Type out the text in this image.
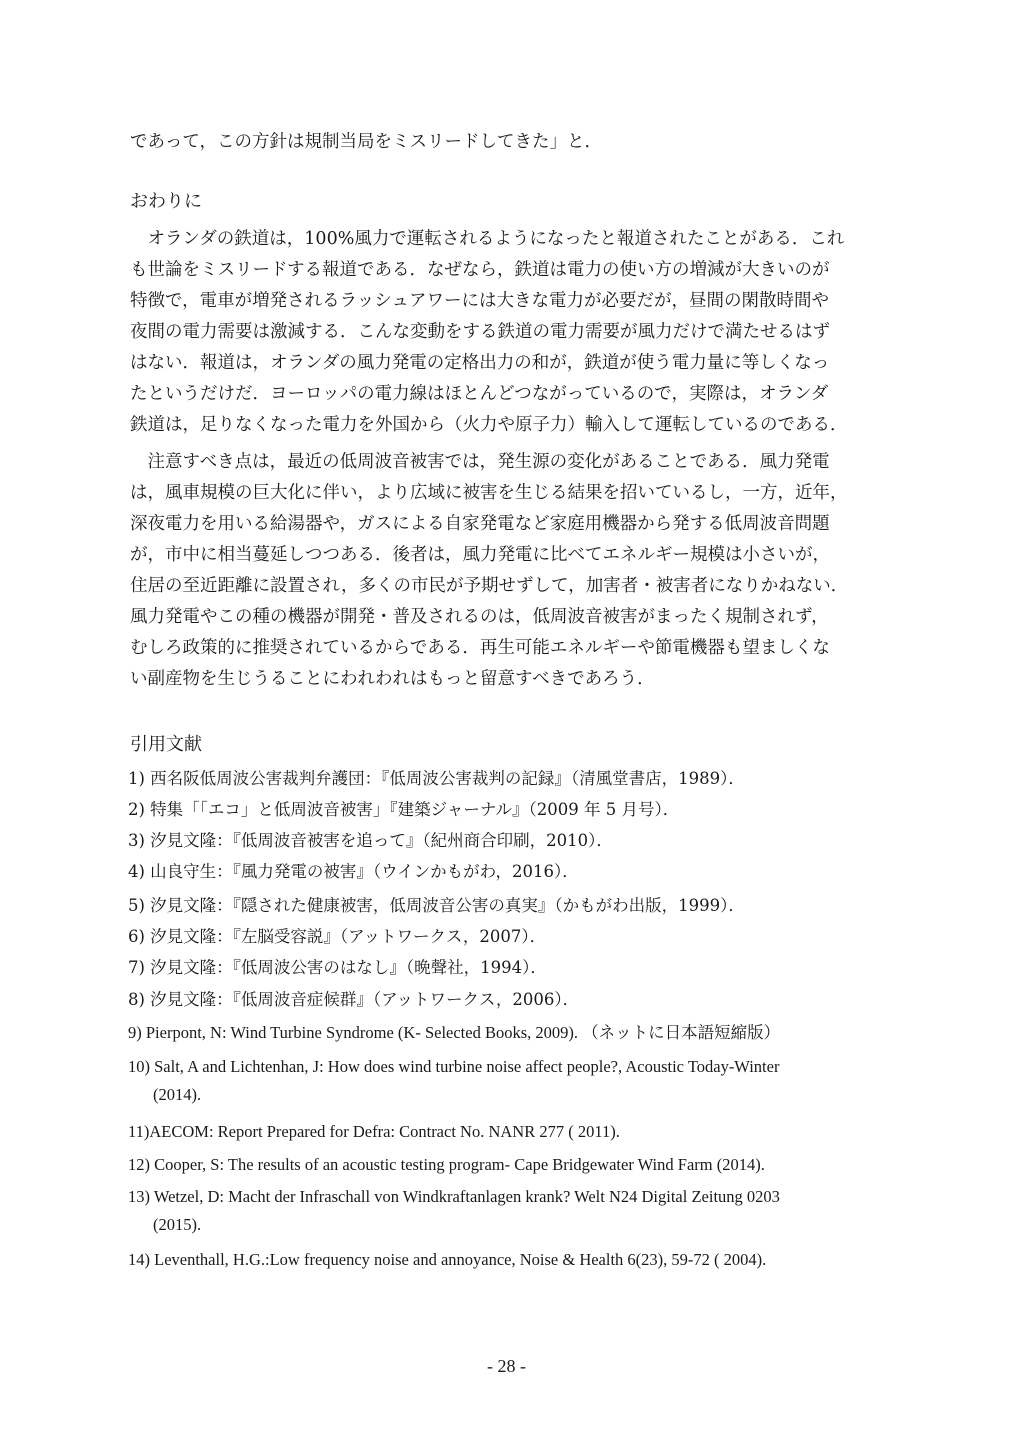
であって，この方針は規制当局をミスリードしてきた」と．
おわりに
　オランダの鉄道は，100%風力で運転されるようになったと報道されたことがある．これ
も世論をミスリードする報道である．なぜなら，鉄道は電力の使い方の増減が大きいのが
特徴で，電車が増発されるラッシュアワーには大きな電力が必要だが，昼間の閑散時間や
夜間の電力需要は激減する．こんな変動をする鉄道の電力需要が風力だけで満たせるはず
はない．報道は，オランダの風力発電の定格出力の和が，鉄道が使う電力量に等しくなっ
たというだけだ．ヨーロッパの電力線はほとんどつながっているので，実際は，オランダ
鉄道は，足りなくなった電力を外国から（火力や原子力）輸入して運転しているのである．
　注意すべき点は，最近の低周波音被害では，発生源の変化があることである．風力発電
は，風車規模の巨大化に伴い，より広域に被害を生じる結果を招いているし，一方，近年，
深夜電力を用いる給湯器や，ガスによる自家発電など家庭用機器から発する低周波音問題
が，市中に相当蔓延しつつある．後者は，風力発電に比べてエネルギー規模は小さいが，
住居の至近距離に設置され，多くの市民が予期せずして，加害者・被害者になりかねない．
風力発電やこの種の機器が開発・普及されるのは，低周波音被害がまったく規制されず，
むしろ政策的に推奨されているからである．再生可能エネルギーや節電機器も望ましくな
い副産物を生じうることにわれわれはもっと留意すべきであろう．
引用文献
1) 西名阪低周波公害裁判弁護団：『低周波公害裁判の記録』（清風堂書店，1989）．
2) 特集「「エコ」と低周波音被害」『建築ジャーナル』（2009 年 5 月号）．
3) 汐見文隆：『低周波音被害を追って』（紀州商合印刷，2010）．
4) 山良守生：『風力発電の被害』（ウインかもがわ，2016）．
5) 汐見文隆：『隠された健康被害，低周波音公害の真実』（かもがわ出版，1999）．
6) 汐見文隆：『左脳受容説』（アットワークス，2007）．
7) 汐見文隆：『低周波公害のはなし』（晩聲社，1994）．
8) 汐見文隆：『低周波音症候群』（アットワークス，2006）．
9) Pierpont, N: Wind Turbine Syndrome (K- Selected Books, 2009). （ネットに日本語短縮版）
10) Salt, A and Lichtenhan, J: How does wind turbine noise affect people?, Acoustic Today-Winter
(2014).
11)AECOM: Report Prepared for Defra: Contract No. NANR 277 ( 2011).
12) Cooper, S: The results of an acoustic testing program- Cape Bridgewater Wind Farm (2014).
13) Wetzel, D: Macht der Infraschall von Windkraftanlagen krank? Welt N24 Digital Zeitung 0203
(2015).
14) Leventhall, H.G.:Low frequency noise and annoyance, Noise & Health 6(23), 59-72 ( 2004).
- 28 -
